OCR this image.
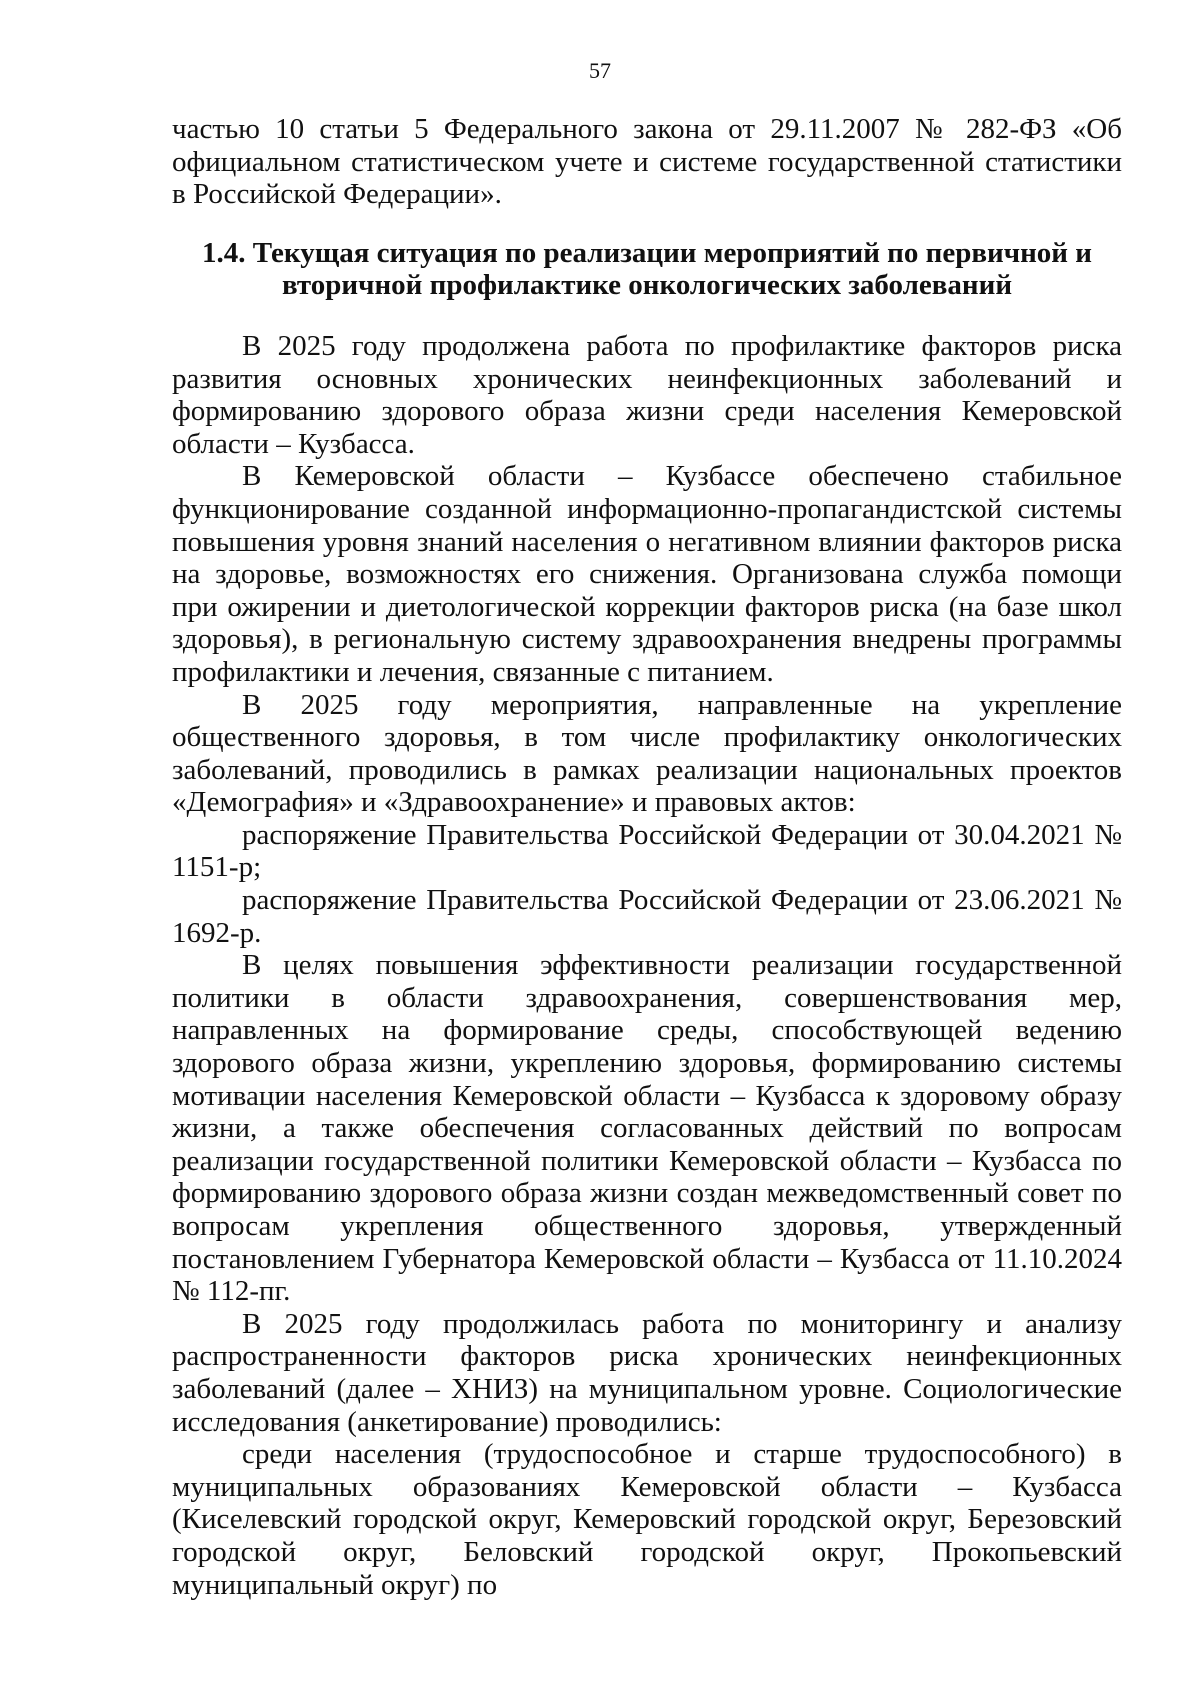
57

частью 10 статьи 5 Федерального закона от 29.11.2007 № 282-ФЗ «Об официальном статистическом учете и системе государственной статистики в Российской Федерации».

1.4. Текущая ситуация по реализации мероприятий по первичной и вторичной профилактике онкологических заболеваний

В 2025 году продолжена работа по профилактике факторов риска развития основных хронических неинфекционных заболеваний и формированию здорового образа жизни среди населения Кемеровской области – Кузбасса.

В Кемеровской области – Кузбассе обеспечено стабильное функционирование созданной информационно-пропагандистской системы повышения уровня знаний населения о негативном влиянии факторов риска на здоровье, возможностях его снижения. Организована служба помощи при ожирении и диетологической коррекции факторов риска (на базе школ здоровья), в региональную систему здравоохранения внедрены программы профилактики и лечения, связанные с питанием.

В 2025 году мероприятия, направленные на укрепление общественного здоровья, в том числе профилактику онкологических заболеваний, проводились в рамках реализации национальных проектов «Демография» и «Здравоохранение» и правовых актов:

распоряжение Правительства Российской Федерации от 30.04.2021 № 1151-р;

распоряжение Правительства Российской Федерации от 23.06.2021 № 1692-р.

В целях повышения эффективности реализации государственной политики в области здравоохранения, совершенствования мер, направленных на формирование среды, способствующей ведению здорового образа жизни, укреплению здоровья, формированию системы мотивации населения Кемеровской области – Кузбасса к здоровому образу жизни, а также обеспечения согласованных действий по вопросам реализации государственной политики Кемеровской области – Кузбасса по формированию здорового образа жизни создан межведомственный совет по вопросам укрепления общественного здоровья, утвержденный постановлением Губернатора Кемеровской области – Кузбасса от 11.10.2024 № 112-пг.

В 2025 году продолжилась работа по мониторингу и анализу распространенности факторов риска хронических неинфекционных заболеваний (далее – ХНИЗ) на муниципальном уровне. Социологические исследования (анкетирование) проводились:

среди населения (трудоспособное и старше трудоспособного) в муниципальных образованиях Кемеровской области – Кузбасса (Киселевский городской округ, Кемеровский городской округ, Березовский городской округ, Беловский городской округ, Прокопьевский муниципальный округ) по
